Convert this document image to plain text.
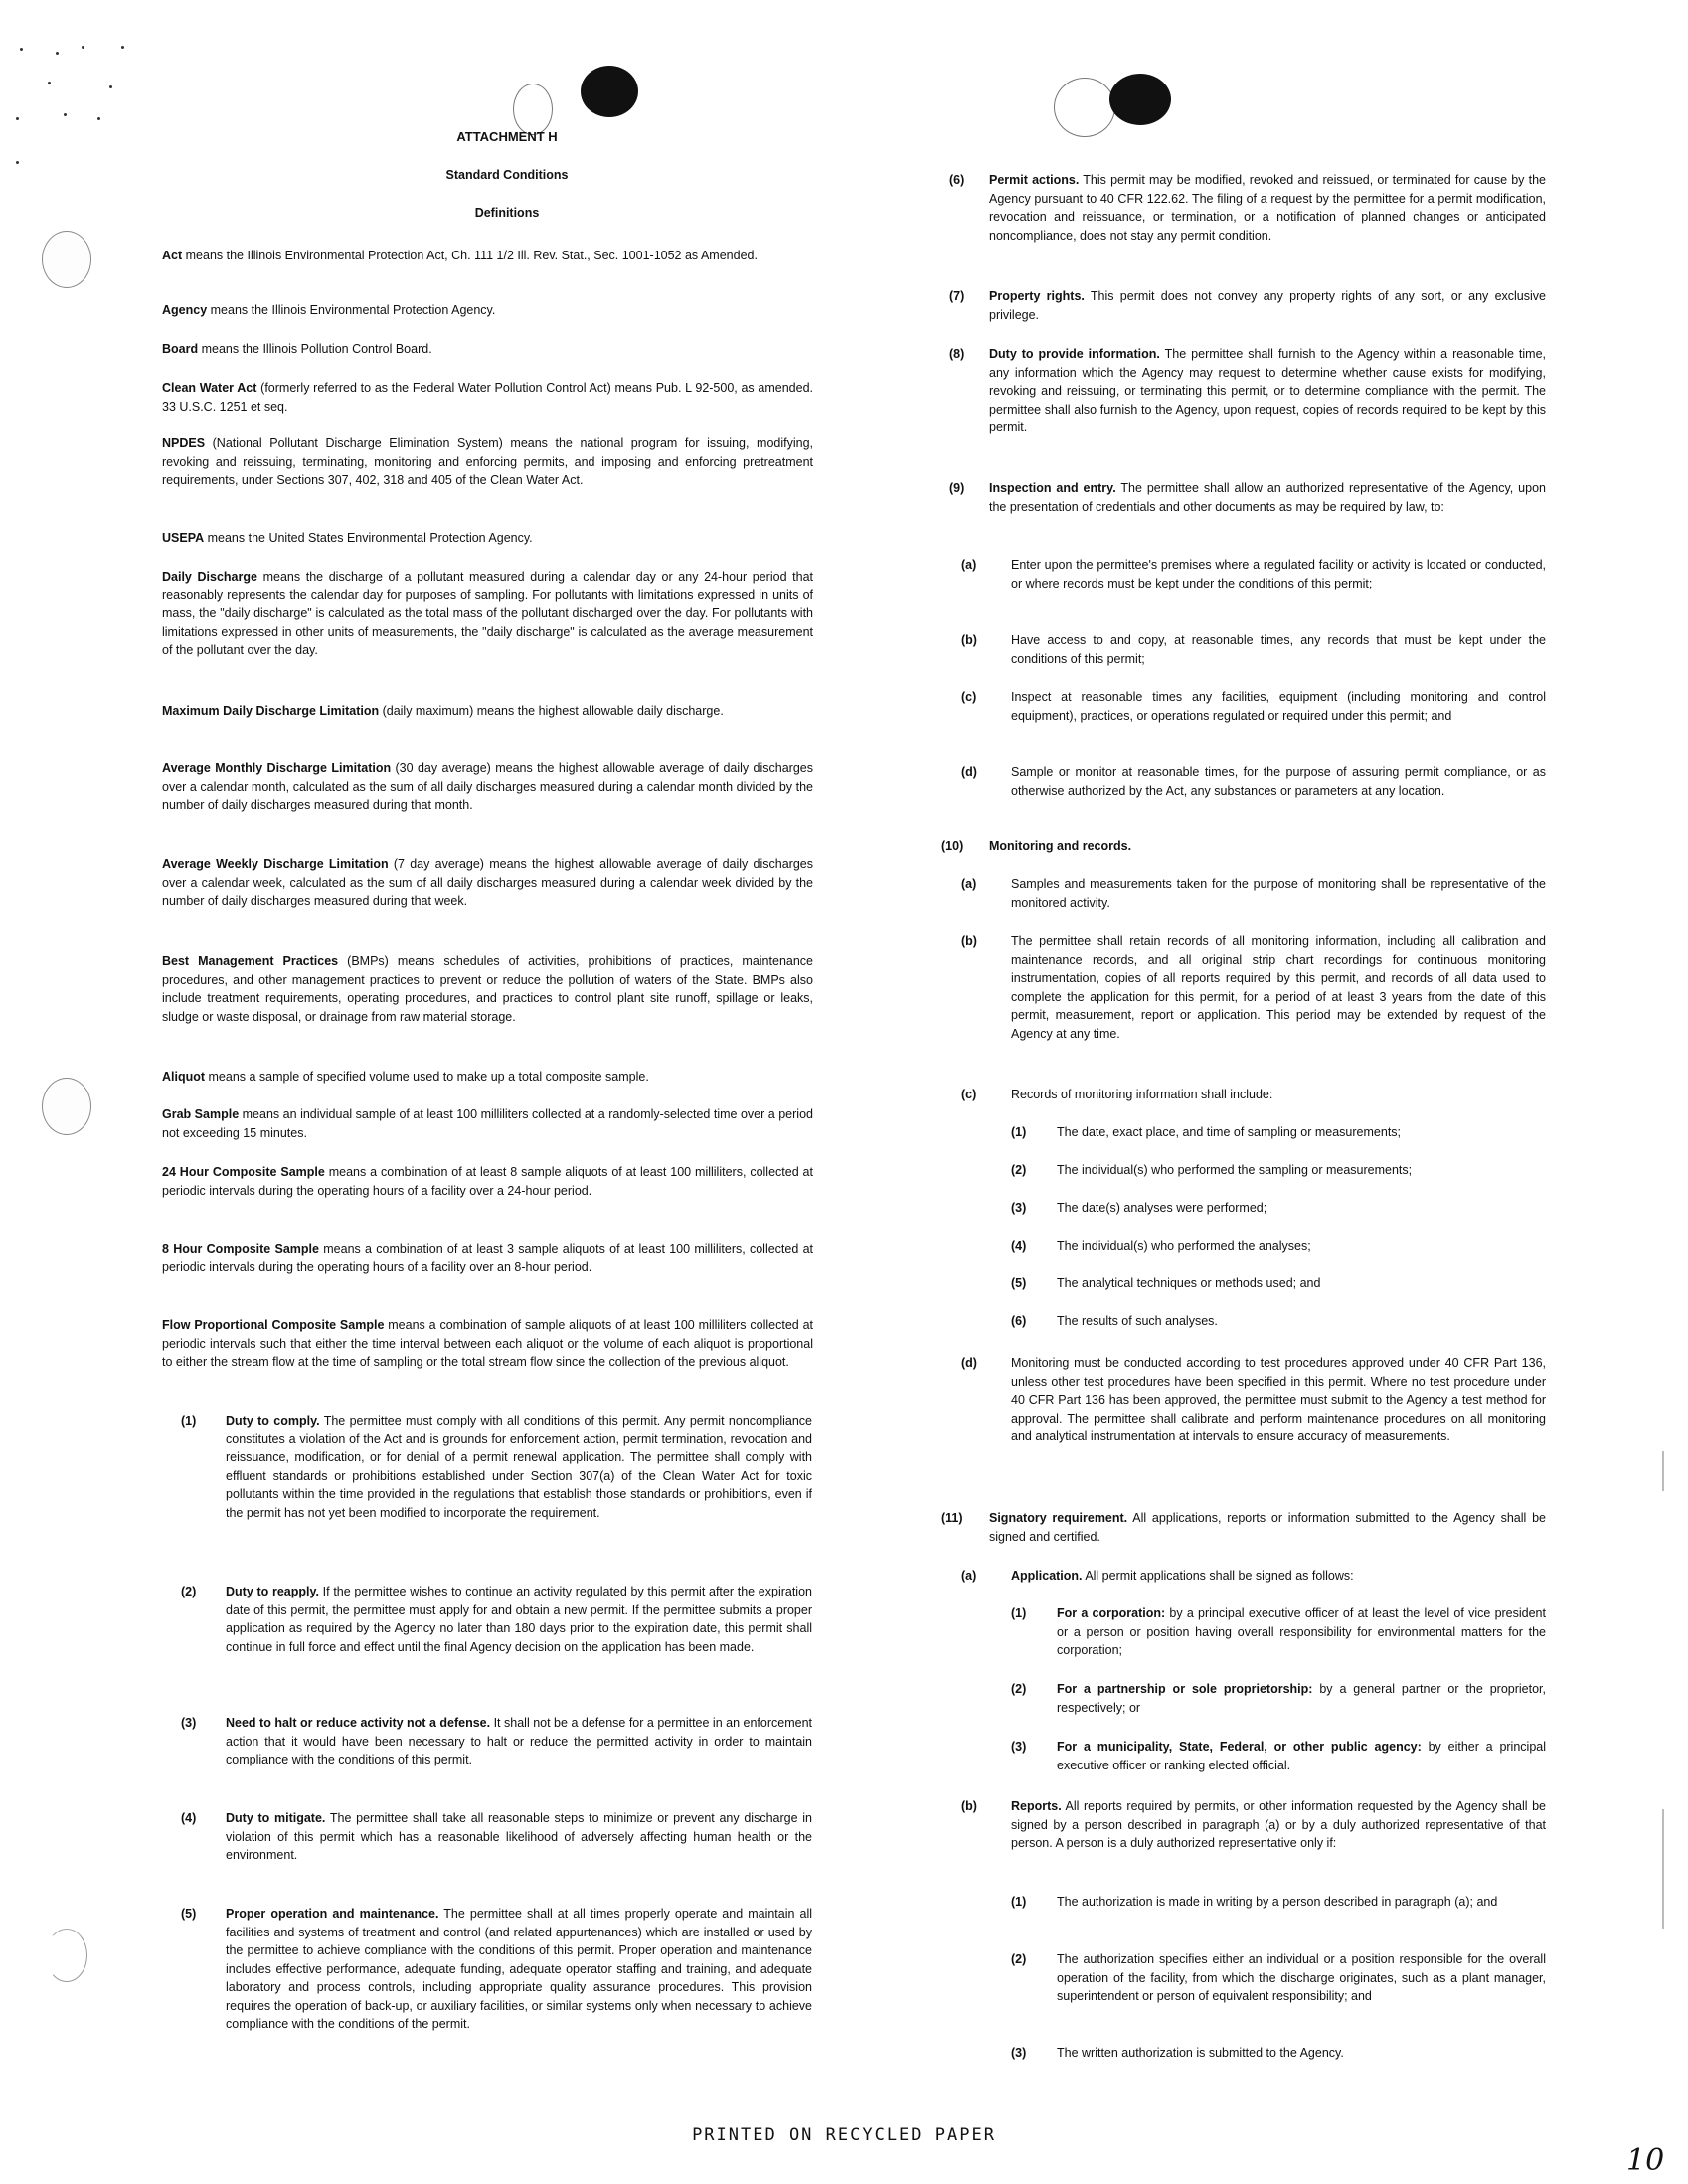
ATTACHMENT H
Standard Conditions
Definitions
Act means the Illinois Environmental Protection Act, Ch. 111 1/2 Ill. Rev. Stat., Sec. 1001-1052 as Amended.
Agency means the Illinois Environmental Protection Agency.
Board means the Illinois Pollution Control Board.
Clean Water Act (formerly referred to as the Federal Water Pollution Control Act) means Pub. L 92-500, as amended. 33 U.S.C. 1251 et seq.
NPDES (National Pollutant Discharge Elimination System) means the national program for issuing, modifying, revoking and reissuing, terminating, monitoring and enforcing permits, and imposing and enforcing pretreatment requirements, under Sections 307, 402, 318 and 405 of the Clean Water Act.
USEPA means the United States Environmental Protection Agency.
Daily Discharge means the discharge of a pollutant measured during a calendar day or any 24-hour period that reasonably represents the calendar day for purposes of sampling. For pollutants with limitations expressed in units of mass, the "daily discharge" is calculated as the total mass of the pollutant discharged over the day. For pollutants with limitations expressed in other units of measurements, the "daily discharge" is calculated as the average measurement of the pollutant over the day.
Maximum Daily Discharge Limitation (daily maximum) means the highest allowable daily discharge.
Average Monthly Discharge Limitation (30 day average) means the highest allowable average of daily discharges over a calendar month, calculated as the sum of all daily discharges measured during a calendar month divided by the number of daily discharges measured during that month.
Average Weekly Discharge Limitation (7 day average) means the highest allowable average of daily discharges over a calendar week, calculated as the sum of all daily discharges measured during a calendar week divided by the number of daily discharges measured during that week.
Best Management Practices (BMPs) means schedules of activities, prohibitions of practices, maintenance procedures, and other management practices to prevent or reduce the pollution of waters of the State. BMPs also include treatment requirements, operating procedures, and practices to control plant site runoff, spillage or leaks, sludge or waste disposal, or drainage from raw material storage.
Aliquot means a sample of specified volume used to make up a total composite sample.
Grab Sample means an individual sample of at least 100 milliliters collected at a randomly-selected time over a period not exceeding 15 minutes.
24 Hour Composite Sample means a combination of at least 8 sample aliquots of at least 100 milliliters, collected at periodic intervals during the operating hours of a facility over a 24-hour period.
8 Hour Composite Sample means a combination of at least 3 sample aliquots of at least 100 milliliters, collected at periodic intervals during the operating hours of a facility over an 8-hour period.
Flow Proportional Composite Sample means a combination of sample aliquots of at least 100 milliliters collected at periodic intervals such that either the time interval between each aliquot or the volume of each aliquot is proportional to either the stream flow at the time of sampling or the total stream flow since the collection of the previous aliquot.
(1) Duty to comply. The permittee must comply with all conditions of this permit. Any permit noncompliance constitutes a violation of the Act and is grounds for enforcement action, permit termination, revocation and reissuance, modification, or for denial of a permit renewal application. The permittee shall comply with effluent standards or prohibitions established under Section 307(a) of the Clean Water Act for toxic pollutants within the time provided in the regulations that establish those standards or prohibitions, even if the permit has not yet been modified to incorporate the requirement.
(2) Duty to reapply. If the permittee wishes to continue an activity regulated by this permit after the expiration date of this permit, the permittee must apply for and obtain a new permit. If the permittee submits a proper application as required by the Agency no later than 180 days prior to the expiration date, this permit shall continue in full force and effect until the final Agency decision on the application has been made.
(3) Need to halt or reduce activity not a defense. It shall not be a defense for a permittee in an enforcement action that it would have been necessary to halt or reduce the permitted activity in order to maintain compliance with the conditions of this permit.
(4) Duty to mitigate. The permittee shall take all reasonable steps to minimize or prevent any discharge in violation of this permit which has a reasonable likelihood of adversely affecting human health or the environment.
(5) Proper operation and maintenance. The permittee shall at all times properly operate and maintain all facilities and systems of treatment and control (and related appurtenances) which are installed or used by the permittee to achieve compliance with the conditions of this permit. Proper operation and maintenance includes effective performance, adequate funding, adequate operator staffing and training, and adequate laboratory and process controls, including appropriate quality assurance procedures. This provision requires the operation of back-up, or auxiliary facilities, or similar systems only when necessary to achieve compliance with the conditions of the permit.
(6) Permit actions. This permit may be modified, revoked and reissued, or terminated for cause by the Agency pursuant to 40 CFR 122.62. The filing of a request by the permittee for a permit modification, revocation and reissuance, or termination, or a notification of planned changes or anticipated noncompliance, does not stay any permit condition.
(7) Property rights. This permit does not convey any property rights of any sort, or any exclusive privilege.
(8) Duty to provide information. The permittee shall furnish to the Agency within a reasonable time, any information which the Agency may request to determine whether cause exists for modifying, revoking and reissuing, or terminating this permit, or to determine compliance with the permit. The permittee shall also furnish to the Agency, upon request, copies of records required to be kept by this permit.
(9) Inspection and entry. The permittee shall allow an authorized representative of the Agency, upon the presentation of credentials and other documents as may be required by law, to:
(a)	Enter upon the permittee's premises where a regulated facility or activity is located or conducted, or where records must be kept under the conditions of this permit;
(b)	Have access to and copy, at reasonable times, any records that must be kept under the conditions of this permit;
(c)	Inspect at reasonable times any facilities, equipment (including monitoring and control equipment), practices, or operations regulated or required under this permit; and
(d)	Sample or monitor at reasonable times, for the purpose of assuring permit compliance, or as otherwise authorized by the Act, any substances or parameters at any location.
(10) Monitoring and records.
(a)	Samples and measurements taken for the purpose of monitoring shall be representative of the monitored activity.
(b)	The permittee shall retain records of all monitoring information, including all calibration and maintenance records, and all original strip chart recordings for continuous monitoring instrumentation, copies of all reports required by this permit, and records of all data used to complete the application for this permit, for a period of at least 3 years from the date of this permit, measurement, report or application. This period may be extended by request of the Agency at any time.
(c)	Records of monitoring information shall include:
(1) The date, exact place, and time of sampling or measurements;
(2) The individual(s) who performed the sampling or measurements;
(3) The date(s) analyses were performed;
(4) The individual(s) who performed the analyses;
(5) The analytical techniques or methods used; and
(6) The results of such analyses.
(d)	Monitoring must be conducted according to test procedures approved under 40 CFR Part 136, unless other test procedures have been specified in this permit. Where no test procedure under 40 CFR Part 136 has been approved, the permittee must submit to the Agency a test method for approval. The permittee shall calibrate and perform maintenance procedures on all monitoring and analytical instrumentation at intervals to ensure accuracy of measurements.
(11) Signatory requirement. All applications, reports or information submitted to the Agency shall be signed and certified.
(a)	Application. All permit applications shall be signed as follows:
(1) For a corporation: by a principal executive officer of at least the level of vice president or a person or position having overall responsibility for environmental matters for the corporation;
(2) For a partnership or sole proprietorship: by a general partner or the proprietor, respectively; or
(3) For a municipality, State, Federal, or other public agency: by either a principal executive officer or ranking elected official.
(b)	Reports. All reports required by permits, or other information requested by the Agency shall be signed by a person described in paragraph (a) or by a duly authorized representative of that person. A person is a duly authorized representative only if:
(1) The authorization is made in writing by a person described in paragraph (a); and
(2) The authorization specifies either an individual or a position responsible for the overall operation of the facility, from which the discharge originates, such as a plant manager, superintendent or person of equivalent responsibility; and
(3) The written authorization is submitted to the Agency.
PRINTED ON RECYCLED PAPER
10
